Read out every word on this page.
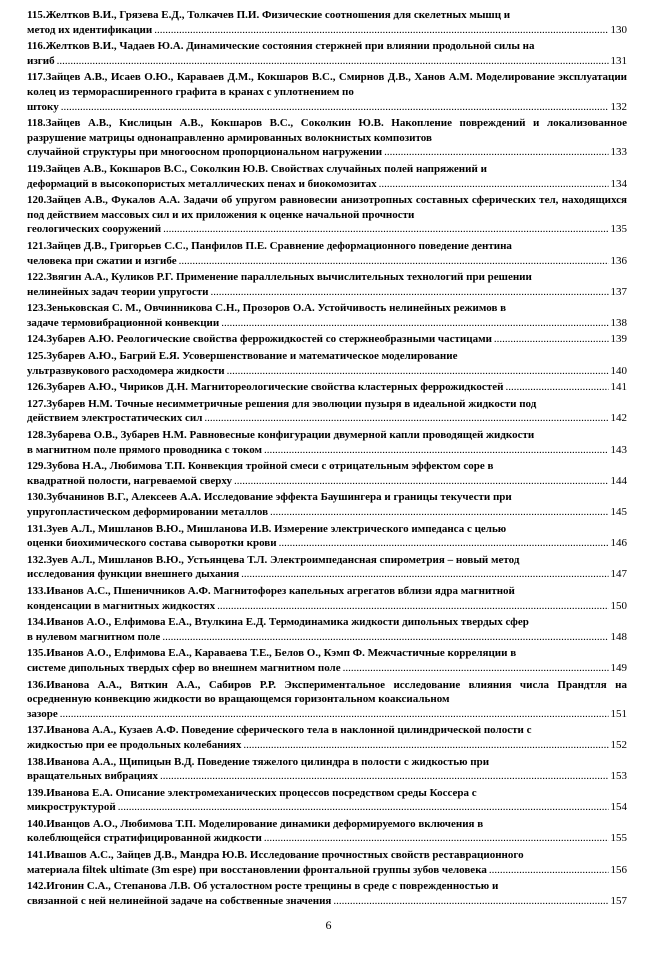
115.Желтков В.И., Грязева Е.Д., Толкачев П.И. Физические соотношения для скелетных мышц и

метод их идентификации .....	130

116.Желтков В.И., Чадаев Ю.А. Динамические состояния стержней при влиянии продольной силы на

изгиб .....	131

117.Зайцев А.В., Исаев О.Ю., Караваев Д.М., Кокшаров В.С., Смирнов Д.В., Ханов А.М. Моделирование эксплуатации колец из терморасширенного графита в кранах с уплотнением по

штоку .....	132

118.Зайцев А.В., Кислицын А.В., Кокшаров В.С., Соколкин Ю.В. Накопление повреждений и локализованное разрушение матрицы однонаправленно армированных волокнистых композитов

случайной структуры при многоосном пропорциональном нагружении .....	133

119.Зайцев А.В., Кокшаров В.С., Соколкин Ю.В. Свойствах случайных полей напряжений и

деформаций в высокопористых металлических пенах и биокомозитах .....	134

120.Зайцев А.В., Фукалов А.А. Задачи об упругом равновесии анизотропных составных сферических тел, находящихся под действием массовых сил и их приложения к оценке начальной прочности

геологических сооружений .....	135

121.Зайцев Д.В., Григорьев С.С., Панфилов П.Е. Сравнение деформационного поведение дентина

человека при сжатии и изгибе .....	136

122.Звягин А.А., Куликов Р.Г. Применение параллельных вычислительных технологий при решении

нелинейных задач теории упругости .....	137

123.Зеньковская С. М., Овчинникова С.Н., Прозоров О.А. Устойчивость нелинейных режимов в

задаче термовибрационной конвекции .....	138
124.Зубарев А.Ю. Реологические свойства феррожидкостей со стержнеобразными частицами .....	139

125.Зубарев А.Ю., Багрий Е.Я. Усовершенствование и математическое моделирование

ультразвукового расходомера жидкости .....	140
126.Зубарев А.Ю., Чириков Д.Н. Магнитореологические свойства кластерных феррожидкостей .....	141

127.Зубарев Н.М. Точные несимметричные решения для эволюции пузыря в идеальной жидкости под

действием электростатических сил .....	142

128.Зубарева О.В., Зубарев Н.М. Равновесные конфигурации двумерной капли проводящей жидкости

в магнитном поле прямого проводника с током .....	143

129.Зубова Н.А., Любимова Т.П. Конвекция тройной смеси с отрицательным эффектом соре в

квадратной полости, нагреваемой сверху .....	144

130.Зубчанинов В.Г., Алексеев А.А. Исследование эффекта Баушингера и границы текучести при

упругопластическом деформировании металлов .....	145

131.Зуев А.Л., Мишланов В.Ю., Мишланова И.В. Измерение электрического импеданса с целью

оценки биохимического состава сыворотки крови .....	146

132.Зуев А.Л., Мишланов В.Ю., Устьянцева Т.Л. Электроимпедансная спирометрия – новый метод

исследования функции внешнего дыхания .....	147

133.Иванов А.С., Пшеничников А.Ф. Магнитофорез капельных агрегатов вблизи ядра магнитной

конденсации в магнитных жидкостях .....	150

134.Иванов А.О., Елфимова Е.А., Втулкина Е.Д. Термодинамика жидкости дипольных твердых сфер

в нулевом магнитном поле .....	148

135.Иванов А.О., Елфимова Е.А., Караваева Т.Е., Белов О., Кэмп Ф. Межчастичные корреляции в

системе дипольных твердых сфер во внешнем магнитном поле .....	149

136.Иванова А.А., Вяткин А.А., Сабиров Р.Р. Экспериментальное исследование влияния числа Прандтля на осредненную конвекцию жидкости во вращающемся горизонтальном коаксиальном

зазоре .....	151

137.Иванова А.А., Кузаев А.Ф. Поведение сферического тела в наклонной цилиндрической полости с

жидкостью при ее продольных колебаниях .....	152

138.Иванова А.А., Щипицын В.Д. Поведение тяжелого цилиндра в полости с жидкостью при

вращательных вибрациях .....	153

139.Иванова Е.А. Описание электромеханических процессов посредством среды Коссера с

микроструктурой .....	154

140.Иванцов А.О., Любимова Т.П. Моделирование динамики деформируемого включения в

колеблющейся стратифицированной жидкости .....	155

141.Ивашов А.С., Зайцев Д.В., Мандра Ю.В. Исследование прочностных свойств реставрационного

материала filtek ultimate (3m espe) при восстановлении фронтальной группы зубов человека .....	156

142.Игонин С.А., Степанова Л.В. Об усталостном росте трещины в среде с поврежденностью и

связанной с ней нелинейной задаче на собственные значения .....	157
6
